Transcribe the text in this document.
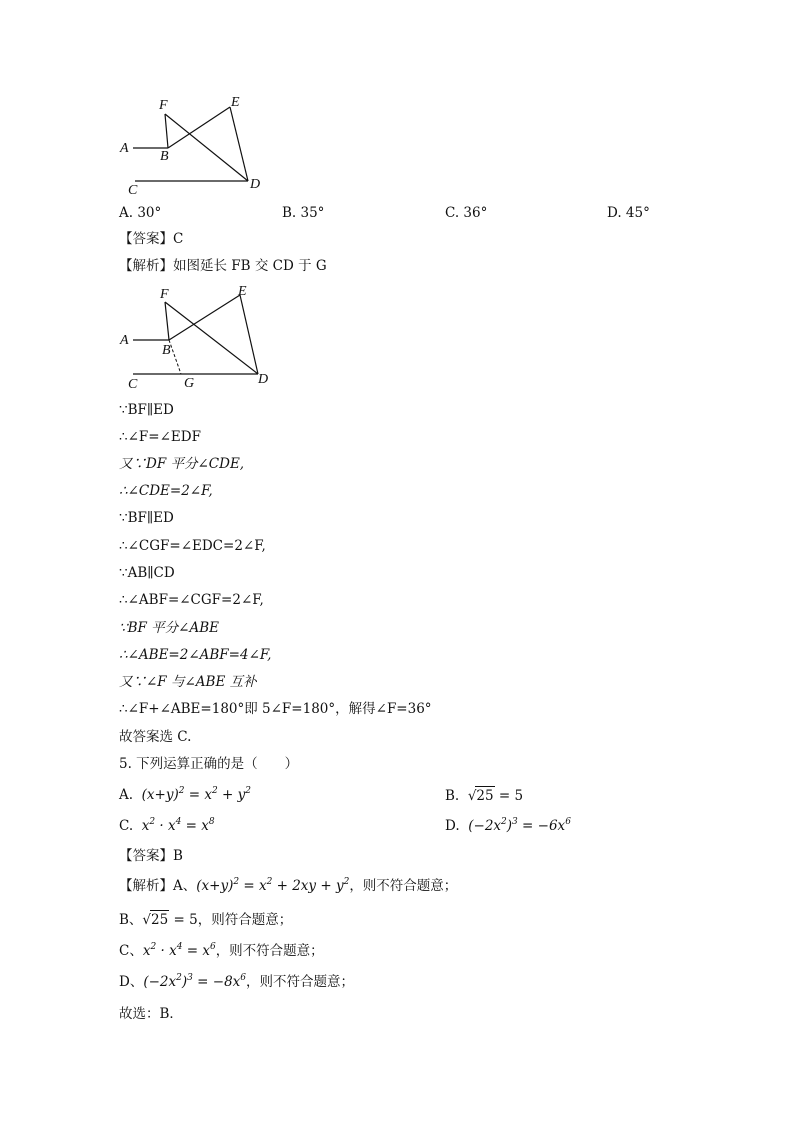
A
B
C	D
E
F
A. 30°	B. 35°	C. 36°	D. 45°
【答案】C
【解析】如图延长 FB 交 CD 于 G
A
B
C	D
E
F
G
∵BF∥ED
∴∠F=∠EDF
又∵DF 平分∠CDE,
∴∠CDE=2∠F,
∵BF∥ED
∴∠CGF=∠EDC=2∠F,
∵AB∥CD
∴∠ABF=∠CGF=2∠F,
∵BF 平分∠ABE
∴∠ABE=2∠ABF=4∠F,
又∵∠F 与∠ABE 互补
∴∠F+∠ABE=180°即 5∠F=180°，解得∠F=36°
故答案选 C.
5. 下列运算正确的是（　　）
A. $(x+y)^2 = x^2 + y^2$	B. √25 = 5
C. $x^2 \cdot x^4 = x^8$	D. $(-2x^2)^3 = -6x^6$
【答案】B
【解析】A、$(x+y)^2 = x^2 + 2xy + y^2$，则不符合题意；
B、√25 = 5，则符合题意；
C、$x^2 \cdot x^4 = x^6$，则不符合题意；
D、$(-2x^2)^3 = -8x^6$，则不符合题意；
故选：B．
